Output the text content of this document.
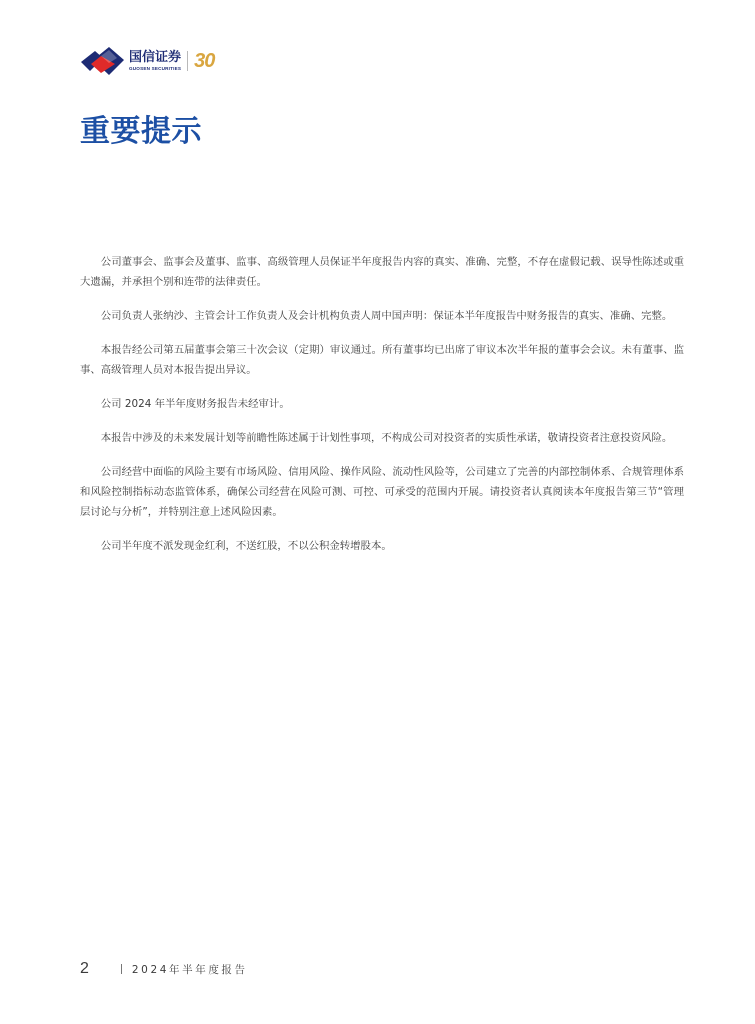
国信证券
GUOSEN SECURITIES 30
重要提示

公司董事会、监事会及董事、监事、高级管理人员保证半年度报告内容的真实、准确、完整，不存在虚假记载、误导性陈述或重大遗漏，并承担个别和连带的法律责任。

公司负责人张纳沙、主管会计工作负责人及会计机构负责人周中国声明：保证本半年度报告中财务报告的真实、准确、完整。

本报告经公司第五届董事会第三十次会议（定期）审议通过。所有董事均已出席了审议本次半年报的董事会会议。未有董事、监事、高级管理人员对本报告提出异议。

公司 2024 年半年度财务报告未经审计。

本报告中涉及的未来发展计划等前瞻性陈述属于计划性事项，不构成公司对投资者的实质性承诺，敬请投资者注意投资风险。

公司经营中面临的风险主要有市场风险、信用风险、操作风险、流动性风险等，公司建立了完善的内部控制体系、合规管理体系和风险控制指标动态监管体系，确保公司经营在风险可测、可控、可承受的范围内开展。请投资者认真阅读本年度报告第三节“管理层讨论与分析”，并特别注意上述风险因素。

公司半年度不派发现金红利，不送红股，不以公积金转增股本。

2	2024年半年度报告
